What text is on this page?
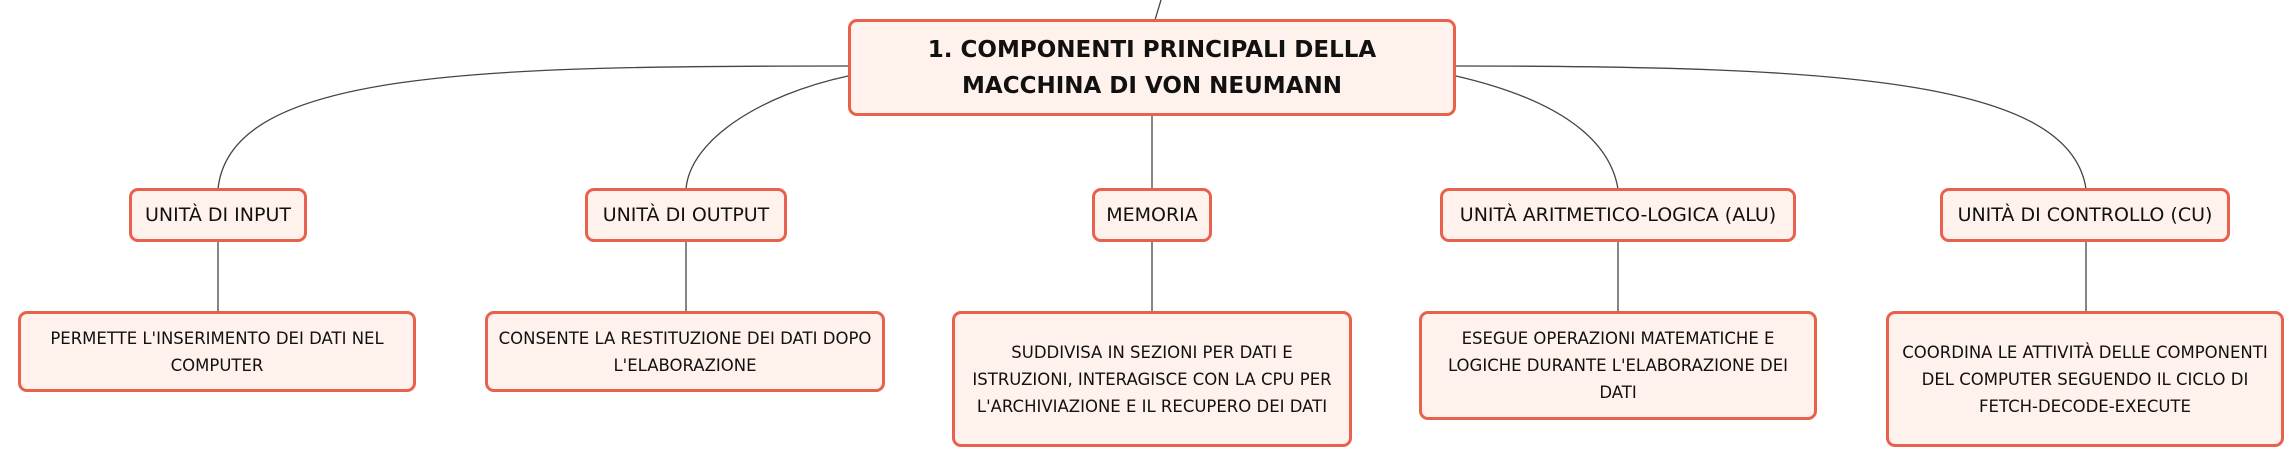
1. COMPONENTI PRINCIPALI DELLA MACCHINA DI VON NEUMANN
UNITÀ DI INPUT	UNITÀ DI OUTPUT	MEMORIA	UNITÀ ARITMETICO-LOGICA (ALU)	UNITÀ DI CONTROLLO (CU)
PERMETTE L'INSERIMENTO DEI DATI NEL COMPUTER
CONSENTE LA RESTITUZIONE DEI DATI DOPO L'ELABORAZIONE
SUDDIVISA IN SEZIONI PER DATI E ISTRUZIONI, INTERAGISCE CON LA CPU PER L'ARCHIVIAZIONE E IL RECUPERO DEI DATI
ESEGUE OPERAZIONI MATEMATICHE E LOGICHE DURANTE L'ELABORAZIONE DEI DATI
COORDINA LE ATTIVITÀ DELLE COMPONENTI DEL COMPUTER SEGUENDO IL CICLO DI FETCH-DECODE-EXECUTE
